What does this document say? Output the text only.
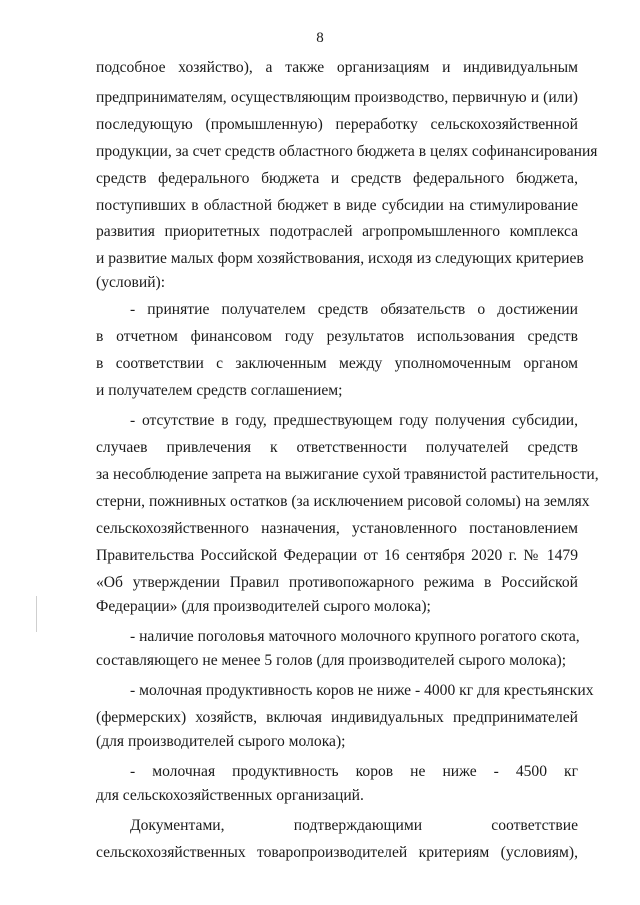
8
подсобное хозяйство), а также организациям и индивидуальным
предпринимателям, осуществляющим производство, первичную и (или)
последующую (промышленную) переработку сельскохозяйственной
продукции, за счет средств областного бюджета в целях софинансирования
средств федерального бюджета и средств федерального бюджета,
поступивших в областной бюджет в виде субсидии на стимулирование
развития приоритетных подотраслей агропромышленного комплекса
и развитие малых форм хозяйствования, исходя из следующих критериев
(условий):
- принятие получателем средств обязательств о достижении
в отчетном финансовом году результатов использования средств
в соответствии с заключенным между уполномоченным органом
и получателем средств соглашением;
- отсутствие в году, предшествующем году получения субсидии,
случаев привлечения к ответственности получателей средств
за несоблюдение запрета на выжигание сухой травянистой растительности,
стерни, пожнивных остатков (за исключением рисовой соломы) на землях
сельскохозяйственного назначения, установленного постановлением
Правительства Российской Федерации от 16 сентября 2020 г. № 1479
«Об утверждении Правил противопожарного режима в Российской
Федерации» (для производителей сырого молока);
- наличие поголовья маточного молочного крупного рогатого скота,
составляющего не менее 5 голов (для производителей сырого молока);
- молочная продуктивность коров не ниже - 4000 кг для крестьянских
(фермерских) хозяйств, включая индивидуальных предпринимателей
(для производителей сырого молока);
- молочная продуктивность коров не ниже - 4500 кг
для сельскохозяйственных организаций.
Документами, подтверждающими соответствие
сельскохозяйственных товаропроизводителей критериям (условиям),
